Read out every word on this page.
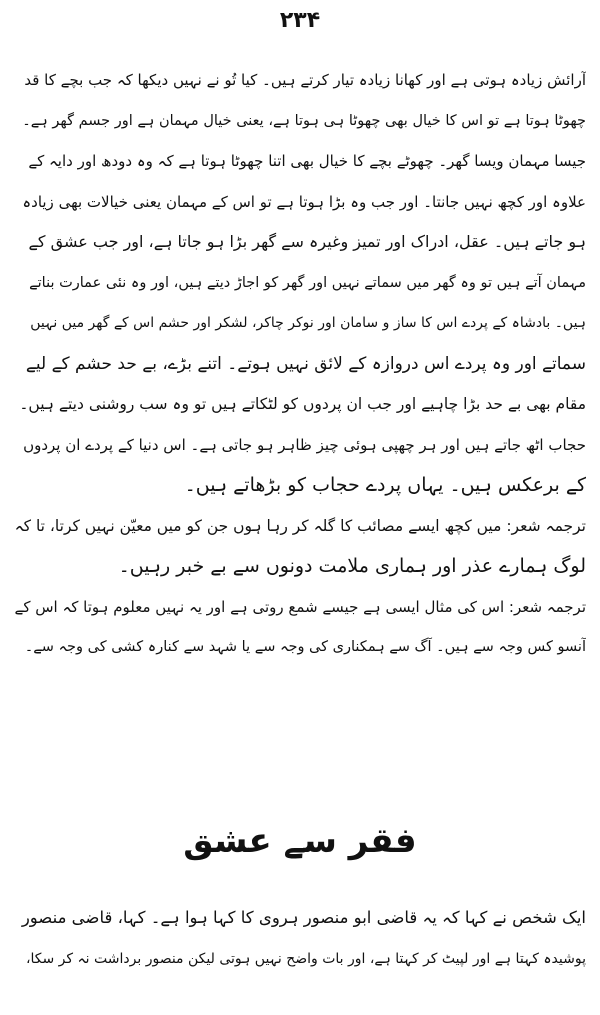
۲۳۴
آرائش زیادہ ہوتی ہے اور کھانا زیادہ تیار کرتے ہیں۔ کیا تُو نے نہیں دیکھا کہ جب بچے کا قد
چھوٹا ہوتا ہے تو اس کا خیال بھی چھوٹا ہی ہوتا ہے، یعنی خیال مہمان ہے اور جسم گھر ہے۔
جیسا مہمان ویسا گھر۔ چھوٹے بچے کا خیال بھی اتنا چھوٹا ہوتا ہے کہ وہ دودھ اور دایہ کے
علاوہ اور کچھ نہیں جانتا۔ اور جب وہ بڑا ہوتا ہے تو اس کے مہمان یعنی خیالات بھی زیادہ
ہو جاتے ہیں۔ عقل، ادراک اور تمیز وغیرہ سے گھر بڑا ہو جاتا ہے، اور جب عشق کے
مہمان آتے ہیں تو وہ گھر میں سماتے نہیں اور گھر کو اجاڑ دیتے ہیں، اور وہ نئی عمارت بناتے
ہیں۔ بادشاہ کے پردے اس کا ساز و سامان اور نوکر چاکر، لشکر اور حشم اس کے گھر میں نہیں
سماتے اور وہ پردے اس دروازہ کے لائق نہیں ہوتے۔ اتنے بڑے، بے حد حشم کے لیے
مقام بھی بے حد بڑا چاہیے اور جب ان پردوں کو لٹکاتے ہیں تو وہ سب روشنی دیتے ہیں۔
حجاب اٹھ جاتے ہیں اور ہر چھپی ہوئی چیز ظاہر ہو جاتی ہے۔ اس دنیا کے پردے ان پردوں
کے برعکس ہیں۔ یہاں پردے حجاب کو بڑھاتے ہیں۔
ترجمہ شعر: میں کچھ ایسے مصائب کا گلہ کر رہا ہوں جن کو میں معیّن نہیں کرتا، تا کہ
لوگ ہمارے عذر اور ہماری ملامت دونوں سے بے خبر رہیں۔
ترجمہ شعر: اس کی مثال ایسی ہے جیسے شمع روتی ہے اور یہ نہیں معلوم ہوتا کہ اس کے
آنسو کس وجہ سے ہیں۔ آگ سے ہمکناری کی وجہ سے یا شہد سے کنارہ کشی کی وجہ سے۔
فقر سے عشق
ایک شخص نے کہا کہ یہ قاضی ابو منصور ہروی کا کہا ہوا ہے۔ کہا، قاضی منصور
پوشیدہ کہتا ہے اور لپیٹ کر کہتا ہے، اور بات واضح نہیں ہوتی لیکن منصور برداشت نہ کر سکا،
